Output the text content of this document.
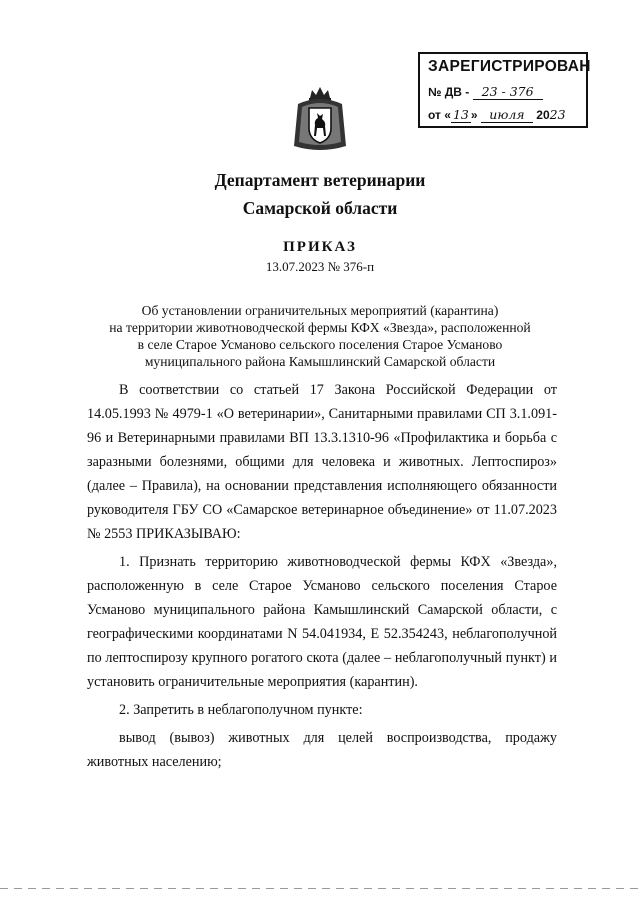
ЗАРЕГИСТРИРОВАН
№ ДВ - 23 - 376
от « 13 » июля 2023
Департамент ветеринарии
Самарской области
ПРИКАЗ
13.07.2023 № 376-п
Об установлении ограничительных мероприятий (карантина)
на территории животноводческой фермы КФХ «Звезда», расположенной
в селе Старое Усманово сельского поселения Старое Усманово
муниципального района Камышлинский Самарской области

В соответствии со статьей 17 Закона Российской Федерации от 14.05.1993 № 4979-1 «О ветеринарии», Санитарными правилами СП 3.1.091-96 и Ветеринарными правилами ВП 13.3.1310-96 «Профилактика и борьба с заразными болезнями, общими для человека и животных. Лептоспироз» (далее – Правила), на основании представления исполняющего обязанности руководителя ГБУ СО «Самарское ветеринарное объединение» от 11.07.2023 № 2553 ПРИКАЗЫВАЮ:

1. Признать территорию животноводческой фермы КФХ «Звезда», расположенную в селе Старое Усманово сельского поселения Старое Усманово муниципального района Камышлинский Самарской области, с географическими координатами N 54.041934, E 52.354243, неблагополучной по лептоспирозу крупного рогатого скота (далее – неблагополучный пункт) и установить ограничительные мероприятия (карантин).

2. Запретить в неблагополучном пункте:

вывод (вывоз) животных для целей воспроизводства, продажу животных населению;
